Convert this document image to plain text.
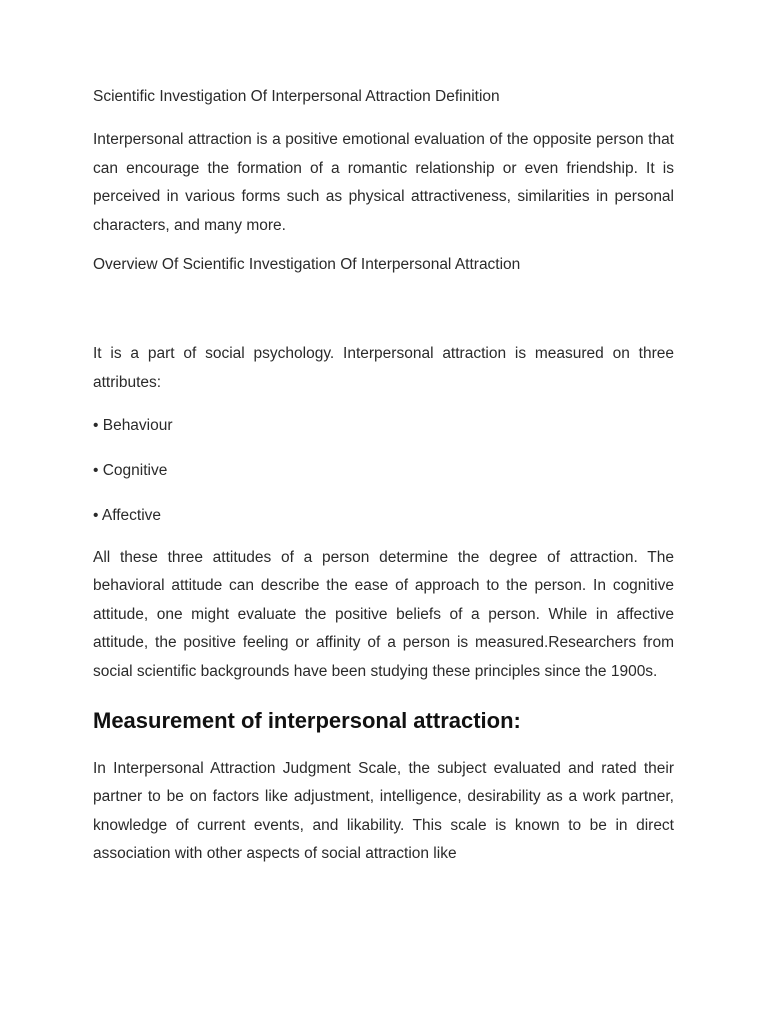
Scientific Investigation Of Interpersonal Attraction Definition

Interpersonal attraction is a positive emotional evaluation of the opposite person that can encourage the formation of a romantic relationship or even friendship. It is perceived in various forms such as physical attractiveness, similarities in personal characters, and many more.

Overview Of Scientific Investigation Of Interpersonal Attraction

It is a part of social psychology. Interpersonal attraction is measured on three attributes:

• Behaviour

• Cognitive

• Affective

All these three attitudes of a person determine the degree of attraction. The behavioral attitude can describe the ease of approach to the person. In cognitive attitude, one might evaluate the positive beliefs of a person. While in affective attitude, the positive feeling or affinity of a person is measured.Researchers from social scientific backgrounds have been studying these principles since the 1900s.

Measurement of interpersonal attraction:

In Interpersonal Attraction Judgment Scale, the subject evaluated and rated their partner to be on factors like adjustment, intelligence, desirability as a work partner, knowledge of current events, and likability. This scale is known to be in direct association with other aspects of social attraction like
